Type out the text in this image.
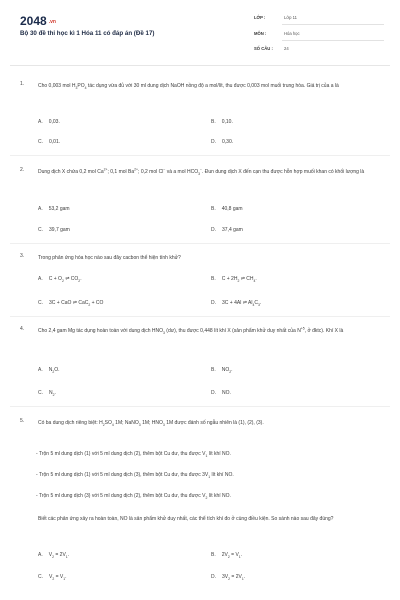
2048 .vn
Bộ 30 đề thi học kì 1 Hóa 11 có đáp án (Đề 17)
LỚP :	Lớp 11
MÔN :	Hóa học
SỐ CÂU :	24
1.	Cho 0,003 mol $H_3PO_4$ tác dụng vừa đủ với 30 ml dung dịch NaOH nồng độ a mol/lít, thu được 0,003 mol muối trung hòa. Giá trị của a là
A. 0,03.	B. 0,10.
C. 0,01.	D. 0,30.
2.	Dung dịch X chứa 0,2 mol $Ca^{2+}$; 0,1 mol $Ba^{2+}$; 0,2 mol Cl− và a mol $HCO_3^-$. Đun dung dịch X đến cạn thu được hỗn hợp muối khan có khối lượng là
A. 53,2 gam	B. 40,8 gam
C. 39,7 gam	D. 37,4 gam
3.	Trong phản ứng hóa học nào sau đây cacbon thể hiện tính khử?
A. $C + O_2$ ⇌ $CO_2$.	B. $C + 2H_2$ ⇌ $CH_4$.
C. 3C + CaO ⇌ CaC$_2$ + CO	D. 3C + 4Al ⇌ $Al_4C_3$.
4.	Cho 2,4 gam Mg tác dụng hoàn toàn với dung dịch $HNO_3$ (dư), thu được 0,448 lít khí X (sản phẩm khử duy nhất của $N^{+5}$, ở đktc). Khí X là
A. $N_2O$.	B. $NO_2$.
C. $N_2$.	D. NO.
5.	Có ba dung dịch riêng biệt: $H_2SO_4$ 1M; NaNO$_3$ 1M; $HNO_3$ 1M được đánh số ngẫu nhiên là (1), (2), (3).
- Trộn 5 ml dung dịch (1) với 5 ml dung dịch (2), thêm bột Cu dư, thu được $V_1$ lít khí NO.
- Trộn 5 ml dung dịch (1) với 5 ml dung dịch (3), thêm bột Cu dư, thu được $3V_1$ lít khí NO.
- Trộn 5 ml dung dịch (3) với 5 ml dung dịch (2), thêm bột Cu dư, thu được $V_2$ lít khí NO.
Biết các phản ứng xảy ra hoàn toàn, NO là sản phẩm khử duy nhất, các thể tích khí đo ở cùng điều kiện. So sánh nào sau đây đúng?
A. $V_2 = 2V_1$.	B. $2V_2 = V_1$.
C. $V_2 = V_1$.	D. $3V_2 = 2V_1$.
